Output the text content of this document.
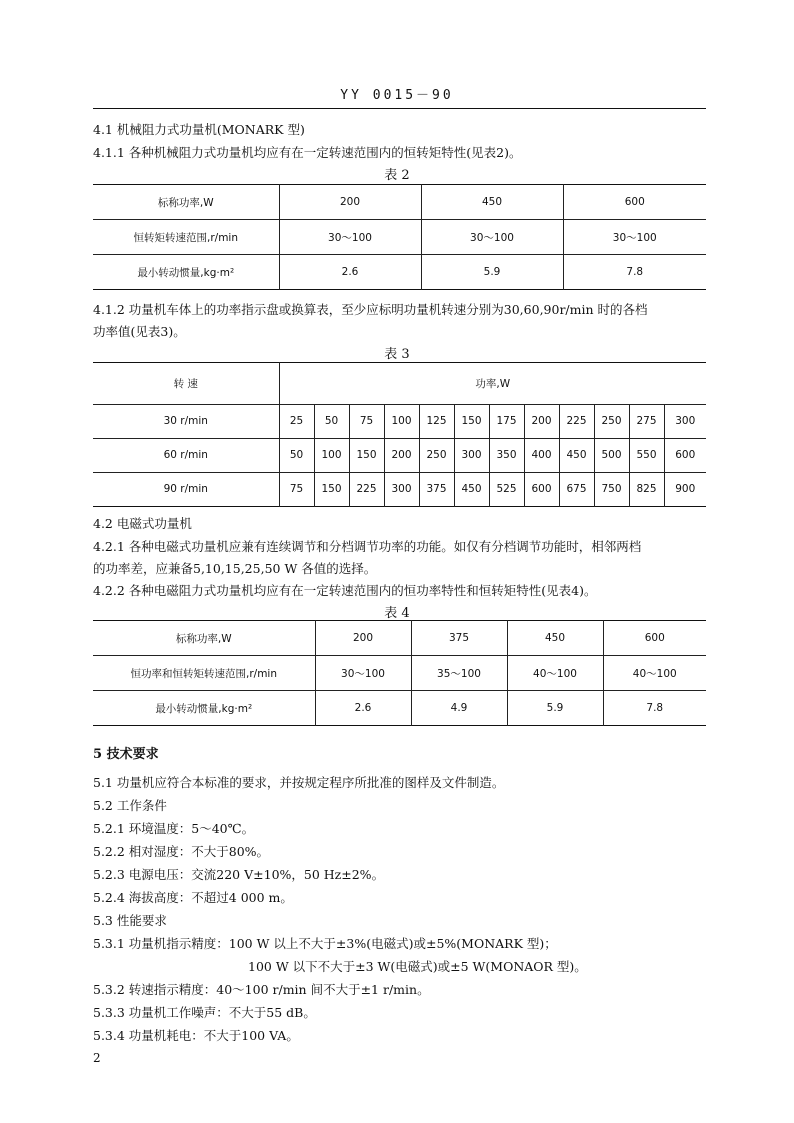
YY 0015－90
4.1 机械阻力式功量机(MONARK 型)
4.1.1 各种机械阻力式功量机均应有在一定转速范围内的恒转矩特性(见表2)。
表 2
标称功率,W	200	450	600
恒转矩转速范围,r/min	30～100	30～100	30～100
最小转动惯量,kg·m²	2.6	5.9	7.8
4.1.2 功量机车体上的功率指示盘或换算表，至少应标明功量机转速分别为30,60,90r/min 时的各档
功率值(见表3)。
表 3
转 速	功率,W											
30 r/min	25	50	75	100	125	150	175	200	225	250	275	300
60 r/min	50	100	150	200	250	300	350	400	450	500	550	600
90 r/min	75	150	225	300	375	450	525	600	675	750	825	900
4.2 电磁式功量机
4.2.1 各种电磁式功量机应兼有连续调节和分档调节功率的功能。如仅有分档调节功能时，相邻两档
的功率差，应兼备5,10,15,25,50 W 各值的选择。
4.2.2 各种电磁阻力式功量机均应有在一定转速范围内的恒功率特性和恒转矩特性(见表4)。
表 4
标称功率,W	200	375	450	600
恒功率和恒转矩转速范围,r/min	30～100	35～100	40～100	40～100
最小转动惯量,kg·m²	2.6	4.9	5.9	7.8
5 技术要求
5.1 功量机应符合本标准的要求，并按规定程序所批准的图样及文件制造。
5.2 工作条件
5.2.1 环境温度：5～40℃。
5.2.2 相对湿度：不大于80%。
5.2.3 电源电压：交流220 V±10%，50 Hz±2%。
5.2.4 海拔高度：不超过4 000 m。
5.3 性能要求
5.3.1 功量机指示精度：100 W 以上不大于±3%(电磁式)或±5%(MONARK 型)；
100 W 以下不大于±3 W(电磁式)或±5 W(MONAOR 型)。
5.3.2 转速指示精度：40～100 r/min 间不大于±1 r/min。
5.3.3 功量机工作噪声：不大于55 dB。
5.3.4 功量机耗电：不大于100 VA。
2
